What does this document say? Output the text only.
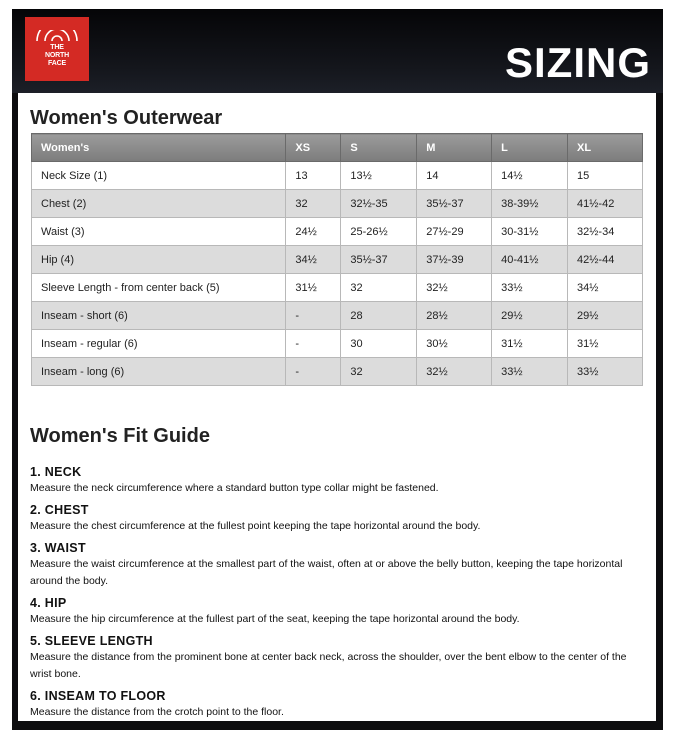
THE
NORTH
FACE	SIZING
Women's Outerwear
Women's	XS	S	M	L	XL
Neck Size (1)	13	13½	14	14½	15
Chest (2)	32	32½-35	35½-37	38-39½	41½-42
Waist (3)	24½	25-26½	27½-29	30-31½	32½-34
Hip (4)	34½	35½-37	37½-39	40-41½	42½-44
Sleeve Length - from center back (5)	31½	32	32½	33½	34½
Inseam - short (6)	-	28	28½	29½	29½
Inseam - regular (6)	-	30	30½	31½	31½
Inseam - long (6)	-	32	32½	33½	33½
Women's Fit Guide
1. NECK
Measure the neck circumference where a standard button type collar might be fastened.
2. CHEST
Measure the chest circumference at the fullest point keeping the tape horizontal around the body.
3. WAIST
Measure the waist circumference at the smallest part of the waist, often at or above the belly button, keeping the tape horizontal around the body.
4. HIP
Measure the hip circumference at the fullest part of the seat, keeping the tape horizontal around the body.
5. SLEEVE LENGTH
Measure the distance from the prominent bone at center back neck, across the shoulder, over the bent elbow to the center of the wrist bone.
6. INSEAM TO FLOOR
Measure the distance from the crotch point to the floor.
